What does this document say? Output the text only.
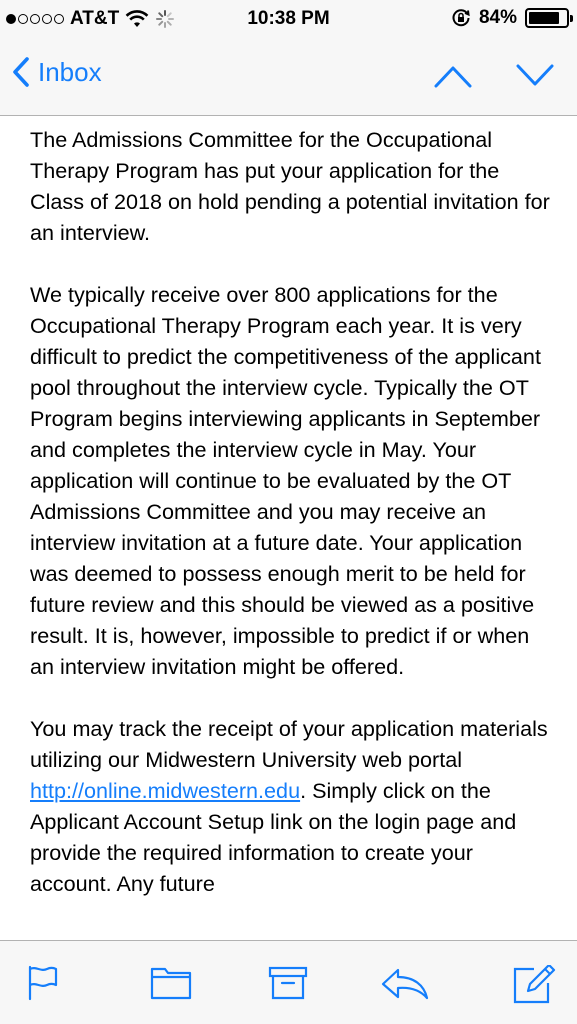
AT&T	10:38 PM	84%
Inbox

The Admissions Committee for the Occupational Therapy Program has put your application for the Class of 2018 on hold pending a potential invitation for an interview.

We typically receive over 800 applications for the Occupational Therapy Program each year. It is very difficult to predict the competitiveness of the applicant pool throughout the interview cycle. Typically the OT Program begins interviewing applicants in September and completes the interview cycle in May. Your application will continue to be evaluated by the OT Admissions Committee and you may receive an interview invitation at a future date. Your application was deemed to possess enough merit to be held for future review and this should be viewed as a positive result. It is, however, impossible to predict if or when an interview invitation might be offered.

You may track the receipt of your application materials utilizing our Midwestern University web portal http://online.midwestern.edu. Simply click on the Applicant Account Setup link on the login page and provide the required information to create your account. Any future
